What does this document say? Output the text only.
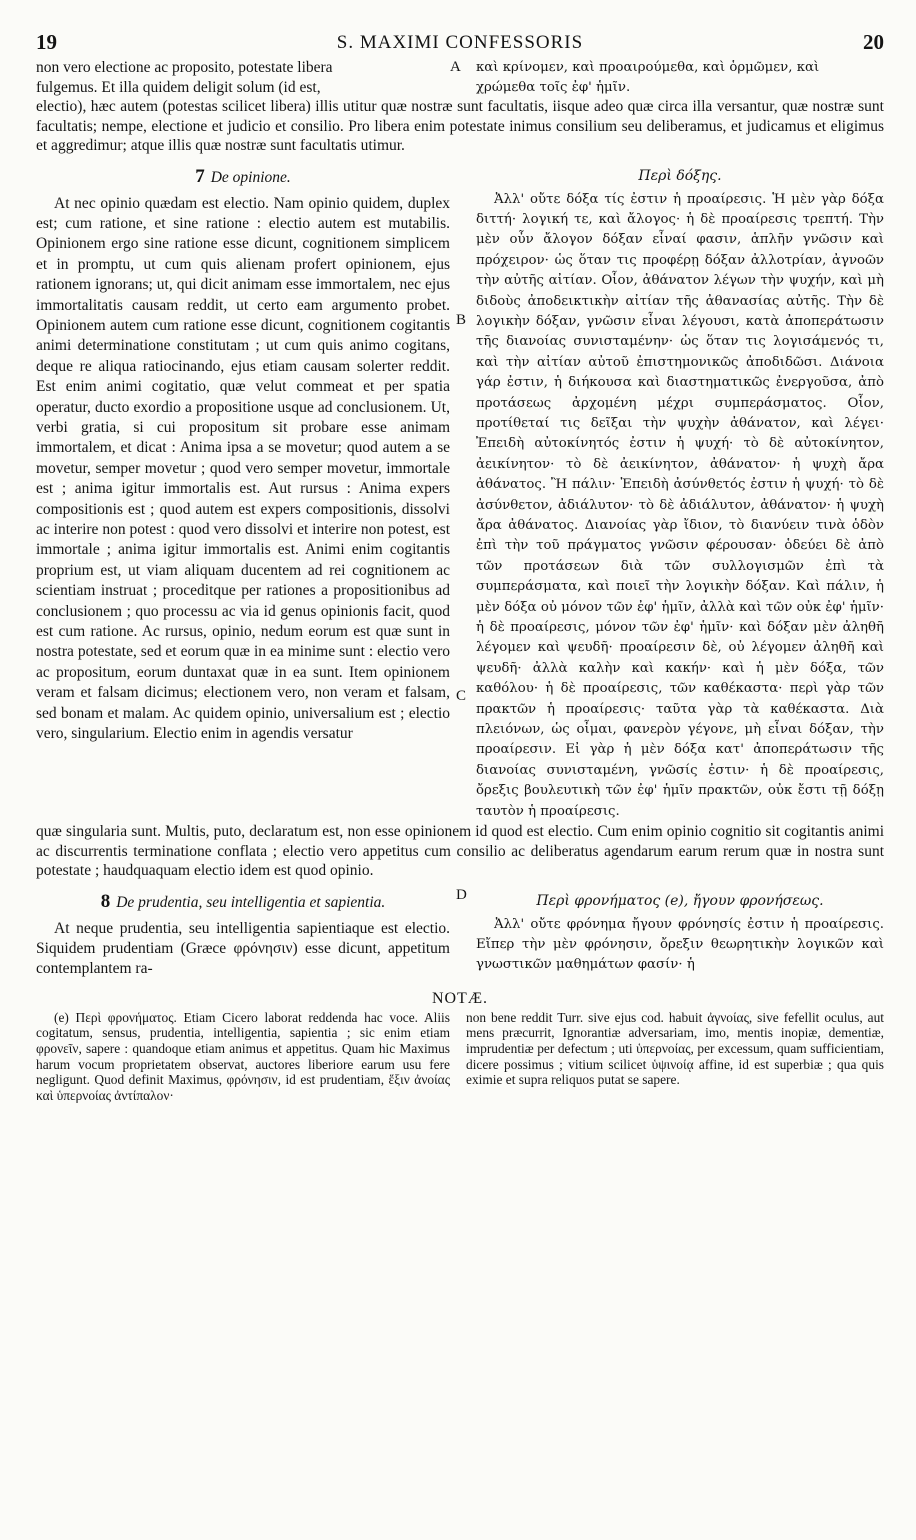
19	S. MAXIMI CONFESSORIS	20
A
non vero electione ac proposito, potestate libera
fulgemus. Et illa quidem deligit solum (id est,
καὶ κρίνομεν, καὶ προαιρούμεθα, καὶ ὁρμῶμεν, καὶ
χρώμεθα τοῖς ἐφ' ἡμῖν.
electio), hæc autem (potestas scilicet libera) illis utitur quæ nostræ sunt facultatis, iisque adeo quæ circa illa versantur, quæ nostræ sunt facultatis; nempe, electione et judicio et consilio. Pro libera enim potestate inimus consilium seu deliberamus, et judicamus et eligimus et aggredimur; atque illis quæ nostræ sunt facultatis utimur.
B
C
7 De opinione.
At nec opinio quædam est electio. Nam opinio quidem, duplex est; cum ratione, et sine ratione : electio autem est mutabilis. Opinionem ergo sine ratione esse dicunt, cognitionem simplicem et in promptu, ut cum quis alienam profert opinionem, ejus rationem ignorans; ut, qui dicit animam esse immortalem, nec ejus immortalitatis causam reddit, ut certo eam argumento probet. Opinionem autem cum ratione esse dicunt, cognitionem cogitantis animi determinatione constitutam ; ut cum quis animo cogitans, deque re aliqua ratiocinando, ejus etiam causam solerter reddit. Est enim animi cogitatio, quæ velut commeat et per spatia operatur, ducto exordio a propositione usque ad conclusionem. Ut, verbi gratia, si cui propositum sit probare esse animam immortalem, et dicat : Anima ipsa a se movetur; quod autem a se movetur, semper movetur ; quod vero semper movetur, immortale est ; anima igitur immortalis est. Aut rursus : Anima expers compositionis est ; quod autem est expers compositionis, dissolvi ac interire non potest : quod vero dissolvi et interire non potest, est immortale ; anima igitur immortalis est. Animi enim cogitantis proprium est, ut viam aliquam ducentem ad rei cognitionem ac scientiam instruat ; proceditque per rationes a propositionibus ad conclusionem ; quo processu ac via id genus opinionis facit, quod est cum ratione. Ac rursus, opinio, nedum eorum est quæ sunt in nostra potestate, sed et eorum quæ in ea minime sunt : electio vero ac propositum, eorum duntaxat quæ in ea sunt. Item opinionem veram et falsam dicimus; electionem vero, non veram et falsam, sed bonam et malam. Ac quidem opinio, universalium est ; electio vero, singularium. Electio enim in agendis versatur
Περὶ δόξης.
Ἀλλ' οὔτε δόξα τίς ἐστιν ἡ προαίρεσις. Ἡ μὲν γὰρ δόξα διττή· λογική τε, καὶ ἄλογος· ἡ δὲ προαίρεσις τρεπτή. Τὴν μὲν οὖν ἄλογον δόξαν εἶναί φασιν, ἁπλῆν γνῶσιν καὶ πρόχειρον· ὡς ὅταν τις προφέρῃ δόξαν ἀλλοτρίαν, ἀγνοῶν τὴν αὐτῆς αἰτίαν. Οἷον, ἀθάνατον λέγων τὴν ψυχήν, καὶ μὴ διδοὺς ἀποδεικτικὴν αἰτίαν τῆς ἀθανασίας αὐτῆς. Τὴν δὲ λογικὴν δόξαν, γνῶσιν εἶναι λέγουσι, κατὰ ἀποπεράτωσιν τῆς διανοίας συνισταμένην· ὡς ὅταν τις λογισάμενός τι, καὶ τὴν αἰτίαν αὐτοῦ ἐπιστημονικῶς ἀποδιδῶσι. Διάνοια γάρ ἐστιν, ἡ διήκουσα καὶ διαστηματικῶς ἐνεργοῦσα, ἀπὸ προτάσεως ἀρχομένη μέχρι συμπεράσματος. Οἷον, προτίθεταί τις δεῖξαι τὴν ψυχὴν ἀθάνατον, καὶ λέγει· Ἐπειδὴ αὐτοκίνητός ἐστιν ἡ ψυχή· τὸ δὲ αὐτοκίνητον, ἀεικίνητον· τὸ δὲ ἀεικίνητον, ἀθάνατον· ἡ ψυχὴ ἄρα ἀθάνατος. Ἢ πάλιν· Ἐπειδὴ ἀσύνθετός ἐστιν ἡ ψυχή· τὸ δὲ ἀσύνθετον, ἀδιάλυτον· τὸ δὲ ἀδιάλυτον, ἀθάνατον· ἡ ψυχὴ ἄρα ἀθάνατος. Διανοίας γὰρ ἴδιον, τὸ διανύειν τινὰ ὁδὸν ἐπὶ τὴν τοῦ πράγματος γνῶσιν φέρουσαν· ὁδεύει δὲ ἀπὸ τῶν προτάσεων διὰ τῶν συλλογισμῶν ἐπὶ τὰ συμπεράσματα, καὶ ποιεῖ τὴν λογικὴν δόξαν. Καὶ πάλιν, ἡ μὲν δόξα οὐ μόνον τῶν ἐφ' ἡμῖν, ἀλλὰ καὶ τῶν οὐκ ἐφ' ἡμῖν· ἡ δὲ προαίρεσις, μόνον τῶν ἐφ' ἡμῖν· καὶ δόξαν μὲν ἀληθῆ λέγομεν καὶ ψευδῆ· προαίρεσιν δὲ, οὐ λέγομεν ἀληθῆ καὶ ψευδῆ· ἀλλὰ καλὴν καὶ κακήν· καὶ ἡ μὲν δόξα, τῶν καθόλου· ἡ δὲ προαίρεσις, τῶν καθέκαστα· περὶ γὰρ τῶν πρακτῶν ἡ προαίρεσις· ταῦτα γὰρ τὰ καθέκαστα. Διὰ πλειόνων, ὡς οἶμαι, φανερὸν γέγονε, μὴ εἶναι δόξαν, τὴν προαίρεσιν. Εἰ γὰρ ἡ μὲν δόξα κατ' ἀποπεράτωσιν τῆς διανοίας συνισταμένη, γνῶσίς ἐστιν· ἡ δὲ προαίρεσις, ὄρεξις βουλευτικὴ τῶν ἐφ' ἡμῖν πρακτῶν, οὐκ ἔστι τῇ δόξῃ ταυτὸν ἡ προαίρεσις.
quæ singularia sunt. Multis, puto, declaratum est, non esse opinionem id quod est electio. Cum enim opinio cognitio sit cogitantis animi ac discurrentis terminatione conflata ; electio vero appetitus cum consilio ac deliberatus agendarum earum rerum quæ in nostra sunt potestate ; haudquaquam electio idem est quod opinio.
D
8 De prudentia, seu intelligentia et sapientia.
At neque prudentia, seu intelligentia sapientiaque est electio. Siquidem prudentiam (Græce φρόνησιν) esse dicunt, appetitum contemplantem ra-
Περὶ φρονήματος (e), ἤγουν φρονήσεως.
Ἀλλ' οὔτε φρόνημα ἤγουν φρόνησίς ἐστιν ἡ προαίρεσις. Εἴπερ τὴν μὲν φρόνησιν, ὄρεξιν θεωρητικὴν λογικῶν καὶ γνωστικῶν μαθημάτων φασίν· ἡ
NOTÆ.
(e) Περὶ φρονήματος. Etiam Cicero laborat reddenda hac voce. Aliis cogitatum, sensus, prudentia, intelligentia, sapientia ; sic enim etiam φρονεῖν, sapere : quandoque etiam animus et appetitus. Quam hic Maximus harum vocum proprietatem observat, auctores liberiore earum usu fere negligunt. Quod definit Maximus, φρόνησιν, id est prudentiam, ἕξιν ἀνοίας καὶ ὑπερνοίας ἀντίπαλον·
non bene reddit Turr. sive ejus cod. habuit ἀγνοίας, sive fefellit oculus, aut mens præcurrit, Ignorantiæ adversariam, imo, mentis inopiæ, dementiæ, imprudentiæ per defectum ; uti ὑπερνοίας, per excessum, quam sufficientiam, dicere possimus ; vitium scilicet ὑψινοίᾳ affine, id est superbiæ ; qua quis eximie et supra reliquos putat se sapere.
